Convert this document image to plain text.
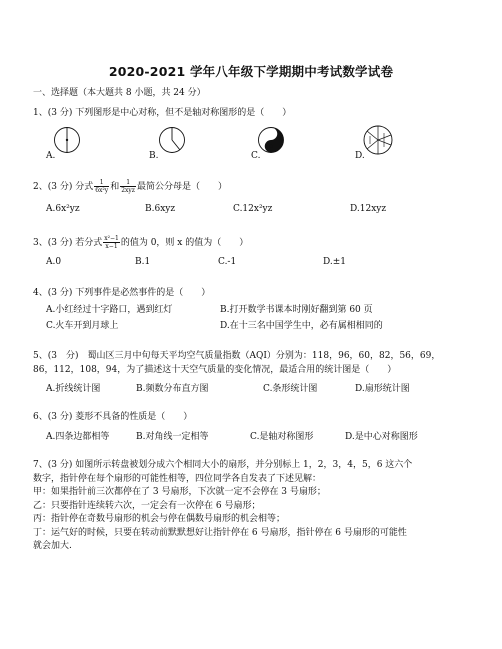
2020-2021 学年八年级下学期期中考试数学试卷
一、选择题（本大题共 8 小题，共 24 分）
1、(3 分) 下列图形是中心对称，但不是轴对称图形的是（　　）
A.	B.	C.	D.
2、(3 分) 分式 $\frac{1}{\text{6x²y}}$ 和 $\frac{1}{\text{2xyz}}$ 最简公分母是（　　）
A.6x²yz	B.6xyz	C.12x²yz	D.12xyz
3、(3 分) 若分式 $\frac{\text{x²−1}}{x-1}$ 的值为 0，则 x 的值为（　　）
A.0	B.1	C.-1	D.±1
4、(3 分) 下列事件是必然事件的是（　　）
A.小红经过十字路口，遇到红灯	B.打开数学书课本时刚好翻到第 60 页
C.火车开到月球上	D.在十三名中国学生中，必有属相相同的
5、(3　分)　蜀山区三月中旬每天平均空气质量指数（AQI）分别为：118，96，60，82，56，69，
86，112，108，94，为了描述这十天空气质量的变化情况，最适合用的统计图是（　　）
A.折线统计图	B.频数分布直方图	C.条形统计图	D.扇形统计图
6、(3 分) 菱形不具备的性质是（　　）
A.四条边都相等	B.对角线一定相等	C.是轴对称图形	D.是中心对称图形
7、(3 分) 如图所示转盘被划分成六个相同大小的扇形，并分别标上 1，2，3，4，5，6 这六个
数字，指针停在每个扇形的可能性相等，四位同学各自发表了下述见解：
甲：如果指针前三次都停在了 3 号扇形，下次就一定不会停在 3 号扇形；
乙：只要指针连续转六次，一定会有一次停在 6 号扇形；
丙：指针停在奇数号扇形的机会与停在偶数号扇形的机会相等；
丁：运气好的时候，只要在转动前默默想好让指针停在 6 号扇形，指针停在 6 号扇形的可能性
就会加大.
